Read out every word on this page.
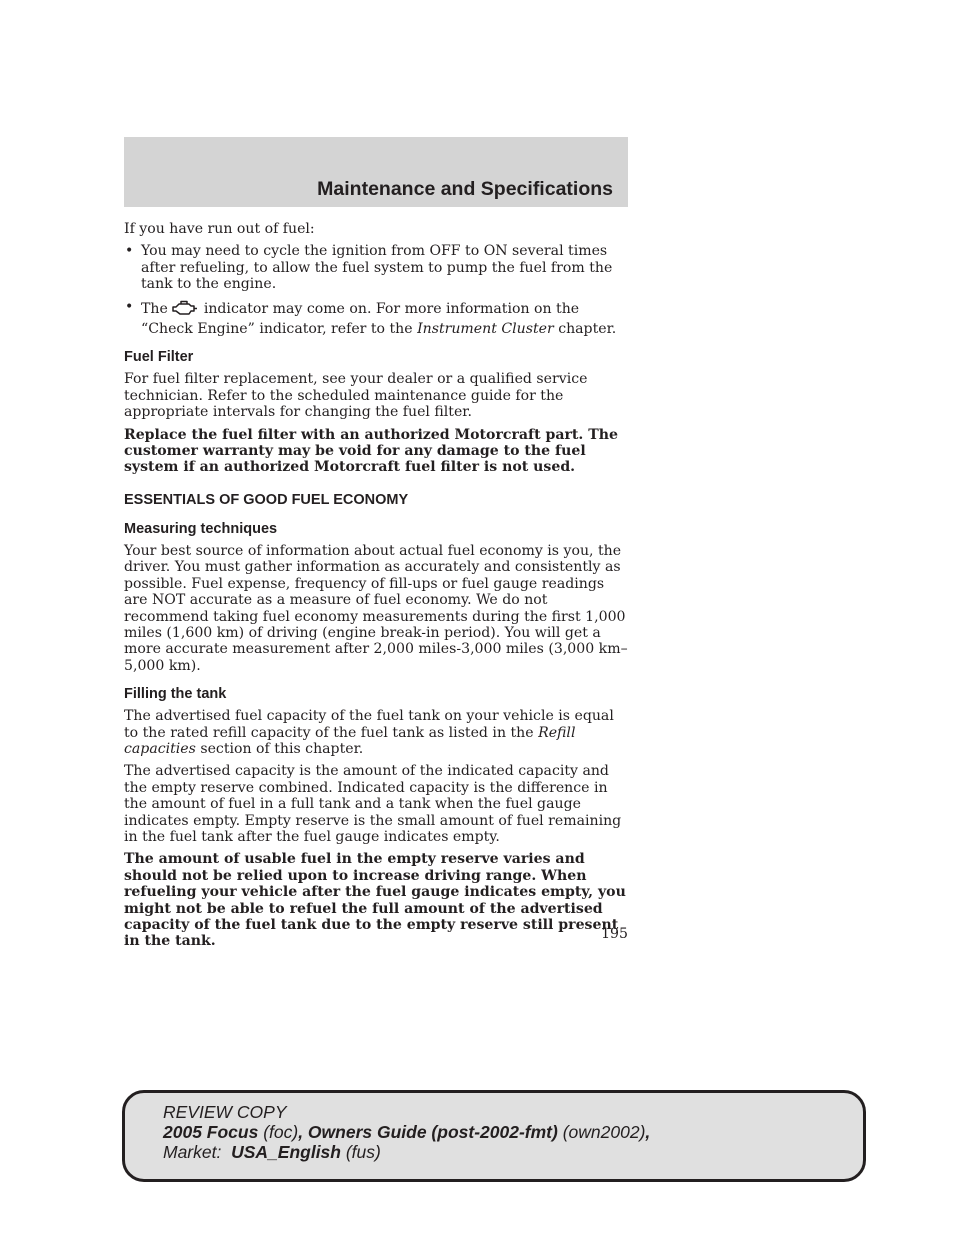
Maintenance and Specifications

If you have run out of fuel:

• You may need to cycle the ignition from OFF to ON several times after refueling, to allow the fuel system to pump the fuel from the tank to the engine.
• The	indicator may come on. For more information on the “Check Engine” indicator, refer to the Instrument Cluster chapter.
Fuel Filter

For fuel filter replacement, see your dealer or a qualified service technician. Refer to the scheduled maintenance guide for the appropriate intervals for changing the fuel filter.

Replace the fuel filter with an authorized Motorcraft part. The customer warranty may be void for any damage to the fuel system if an authorized Motorcraft fuel filter is not used.

ESSENTIALS OF GOOD FUEL ECONOMY
Measuring techniques

Your best source of information about actual fuel economy is you, the driver. You must gather information as accurately and consistently as possible. Fuel expense, frequency of fill-ups or fuel gauge readings are NOT accurate as a measure of fuel economy. We do not recommend taking fuel economy measurements during the first 1,000 miles (1,600 km) of driving (engine break-in period). You will get a more accurate measurement after 2,000 miles-3,000 miles (3,000 km–5,000 km).

Filling the tank

The advertised fuel capacity of the fuel tank on your vehicle is equal to the rated refill capacity of the fuel tank as listed in the Refill capacities section of this chapter.

The advertised capacity is the amount of the indicated capacity and the empty reserve combined. Indicated capacity is the difference in the amount of fuel in a full tank and a tank when the fuel gauge indicates empty. Empty reserve is the small amount of fuel remaining in the fuel tank after the fuel gauge indicates empty.

The amount of usable fuel in the empty reserve varies and should not be relied upon to increase driving range. When refueling your vehicle after the fuel gauge indicates empty, you might not be able to refuel the full amount of the advertised capacity of the fuel tank due to the empty reserve still present in the tank.	195
REVIEW COPY
2005 Focus (foc), Owners Guide (post-2002-fmt) (own2002),
Market: USA_English (fus)
